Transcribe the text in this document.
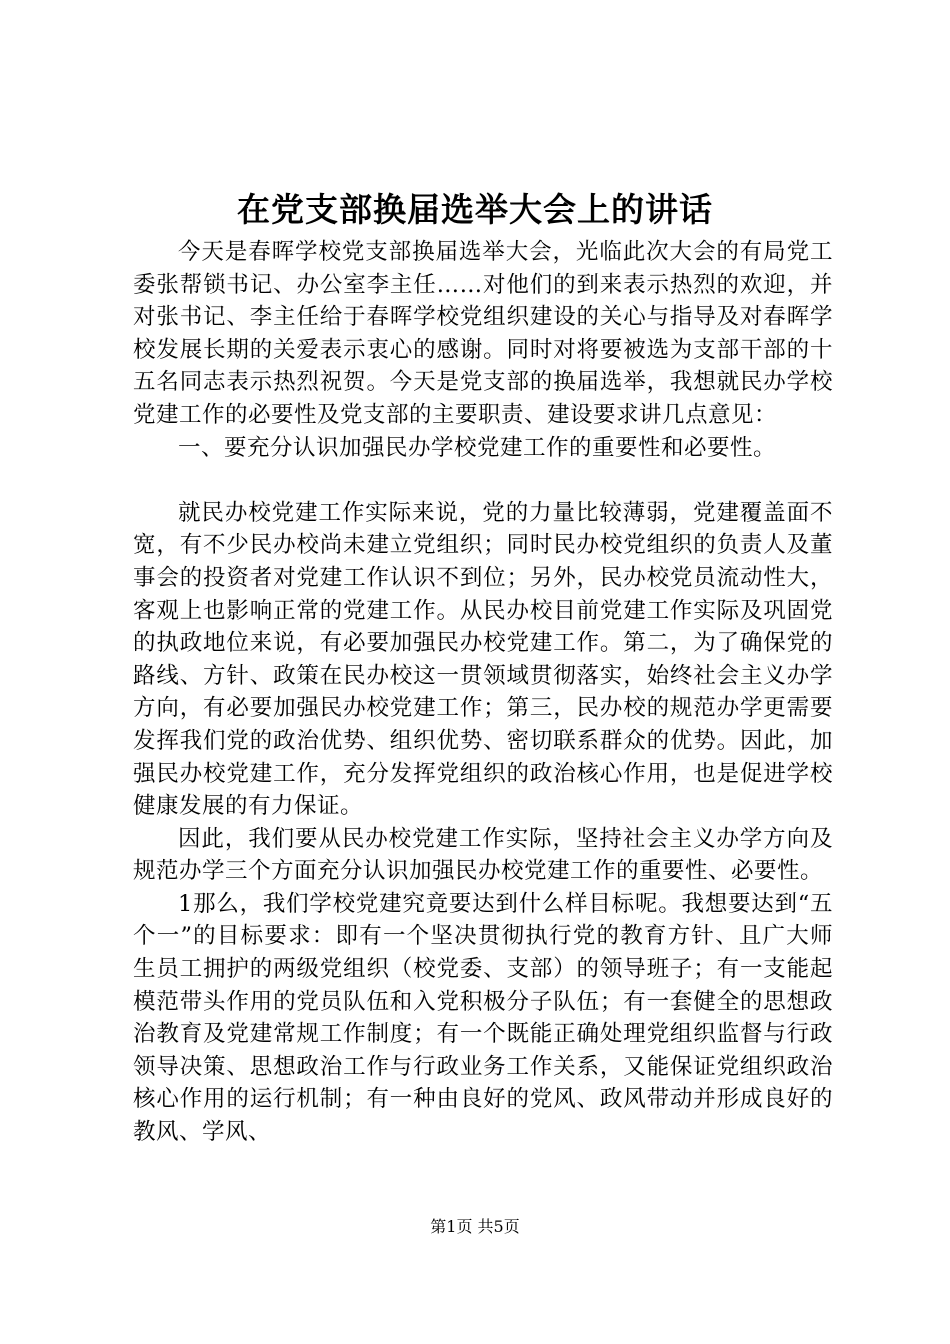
在党支部换届选举大会上的讲话

今天是春晖学校党支部换届选举大会，光临此次大会的有局党工委张帮锁书记、办公室李主任……对他们的到来表示热烈的欢迎，并对张书记、李主任给于春晖学校党组织建设的关心与指导及对春晖学校发展长期的关爱表示衷心的感谢。同时对将要被选为支部干部的十五名同志表示热烈祝贺。今天是党支部的换届选举，我想就民办学校党建工作的必要性及党支部的主要职责、建设要求讲几点意见：

一、要充分认识加强民办学校党建工作的重要性和必要性。

就民办校党建工作实际来说，党的力量比较薄弱，党建覆盖面不宽，有不少民办校尚未建立党组织；同时民办校党组织的负责人及董事会的投资者对党建工作认识不到位；另外，民办校党员流动性大，客观上也影响正常的党建工作。从民办校目前党建工作实际及巩固党的执政地位来说，有必要加强民办校党建工作。第二，为了确保党的路线、方针、政策在民办校这一贯领域贯彻落实，始终社会主义办学方向，有必要加强民办校党建工作；第三，民办校的规范办学更需要发挥我们党的政治优势、组织优势、密切联系群众的优势。因此，加强民办校党建工作，充分发挥党组织的政治核心作用，也是促进学校健康发展的有力保证。

因此，我们要从民办校党建工作实际，坚持社会主义办学方向及规范办学三个方面充分认识加强民办校党建工作的重要性、必要性。

1那么，我们学校党建究竟要达到什么样目标呢。我想要达到“五个一”的目标要求：即有一个坚决贯彻执行党的教育方针、且广大师生员工拥护的两级党组织（校党委、支部）的领导班子；有一支能起模范带头作用的党员队伍和入党积极分子队伍；有一套健全的思想政治教育及党建常规工作制度；有一个既能正确处理党组织监督与行政领导决策、思想政治工作与行政业务工作关系，又能保证党组织政治核心作用的运行机制；有一种由良好的党风、政风带动并形成良好的教风、学风、

第1页 共5页
